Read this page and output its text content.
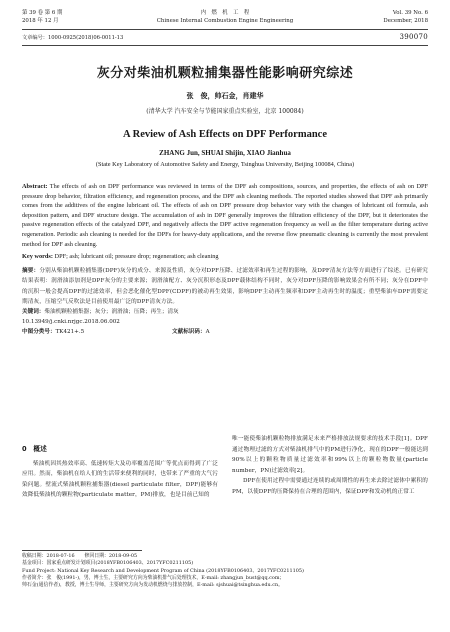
第 39 卷 第 6 期
2018 年 12 月
内　燃　机　工　程
Chinese Internal Combustion Engine Engineering
Vol. 39 No. 6
December, 2018
文章编号：1000-0925(2018)06-0011-13	390070
灰分对柴油机颗粒捕集器性能影响研究综述
张　俊，帅石金，肖建华
(清华大学 汽车安全与节能国家重点实验室，北京 100084)
A Review of Ash Effects on DPF Performance
ZHANG Jun, SHUAI Shijin, XIAO Jianhua
(State Key Laboratory of Automotive Safety and Energy, Tsinghua University, Beijing 100084, China)
Abstract: The effects of ash on DPF performance was reviewed in terms of the DPF ash compositions, sources, and properties, the effects of ash on DPF pressure drop behavior, filtration efficiency, and regeneration process, and the DPF ash cleaning methods. The reported studies showed that DPF ash primarily comes from the additives of the engine lubricant oil. The effects of ash on DPF pressure drop behavior vary with the changes of lubricant oil formula, ash deposition pattern, and DPF structure design. The accumulation of ash in DPF generally improves the filtration efficiency of the DPF, but it deteriorates the passive regeneration effects of the catalyzed DPF, and negatively affects the DPF active regeneration frequency as well as the filter temperature during active regeneration. Periodic ash cleaning is needed for the DPFs for heavy-duty applications, and the reverse flow pneumatic cleaning is currently the most prevalent method for DPF ash cleaning.
Key words: DPF; ash; lubricant oil; pressure drop; regeneration; ash cleaning
摘要：分别从柴油机颗粒捕集器(DPF)灰分的成分、来源及性质，灰分对DPF压降、过滤效率和再生过程的影响，及DPF清灰方法等方面进行了综述。已有研究结果表明：润滑油添加剂是DPF灰分的主要来源；润滑油配方、灰分沉积形态及DPF载体结构不同时，灰分对DPF压降的影响效果会有所不同；灰分在DPF中的沉积一般会提高DPF的过滤效率，但会恶化催化型DPF(CDPF)的被动再生效果，影响DPF主动再生频率和DPF主动再生时的温度；重型柴油车DPF需要定期清灰，压缩空气反吹法是目前使用最广泛的DPF清灰方法。
关键词：柴油机颗粒捕集器；灰分；润滑油；压降；再生；清灰
10.13949/j.cnki.nrjgc.2018.06.002
中图分类号：TK421+.5	文献标识码：A
0　概述

柴油机因其热效率高、低速转矩大及功率覆盖范围广等优点而得到了广泛应用。然而，柴油机在给人们的生活带来便利的同时，也带来了严重的大气污染问题。壁流式柴油机颗粒捕集器(diesel particulate filter，DPF)能够有效降低柴油机的颗粒物(particulate matter，PM)排放，也是目前已知的

唯一能使柴油机颗粒物排放满足未来严格排放法规要求的技术手段[1]。DPF通过物理过滤的方式对柴油机排气中的PM进行净化，现在的DPF一般能达到90%以上的颗粒物质量过滤效率和99%以上的颗粒物数量(particle number，PN)过滤效率[2]。

DPF在使用过程中需要通过连续的或周期性的再生来去除过滤体中累积的PM，以使DPF的压降保持在合理的范围内，保证DPF和发动机的正常工

收稿日期：2018-07-16　　修回日期：2018-09-05
基金项目：国家重点研发计划项目(2018YFB0106403、2017YFC0211105)
Fund Project: National Key Research and Development Program of China (2018YFB0106403、2017YFC0211105)
作者简介：张　俊(1991-)，男，博士生，主要研究方向为柴油机排气后处理技术，E-mail: zhangjun_bust@qq.com；
帅石金(通信作者)，教授，博士生导师，主要研究方向为发动机燃烧与排放控制，E-mail: sjshuai@tsinghua.edu.cn。
